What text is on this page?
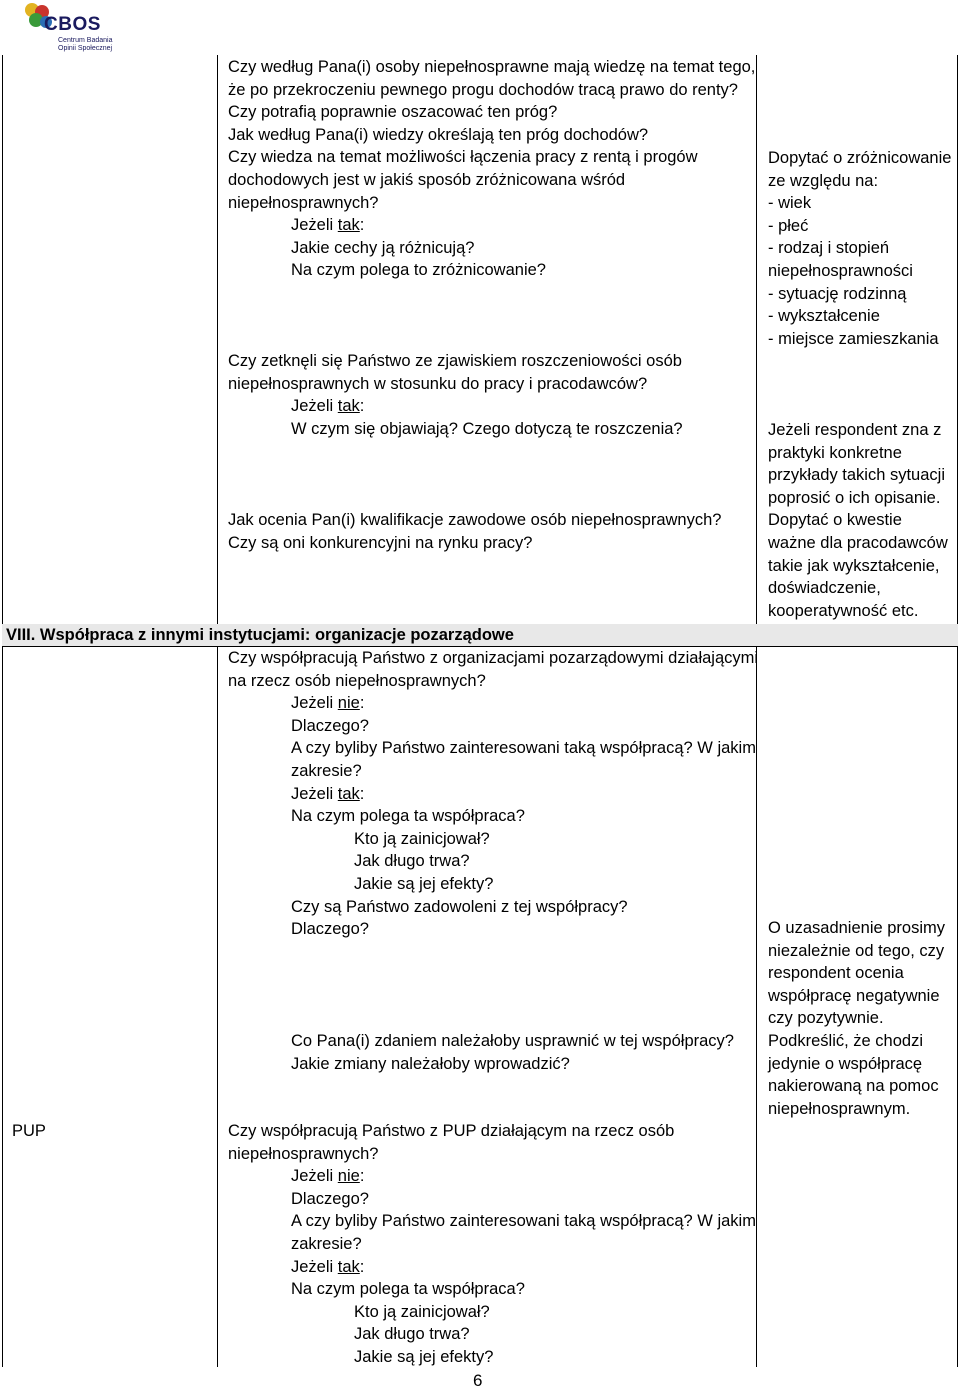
CBOS
Centrum Badania
Opinii Społecznej
VIII. Współpraca z innymi instytucjami: organizacje pozarządowe
PUP
Czy według Pana(i) osoby niepełnosprawne mają wiedzę na temat tego,
że po przekroczeniu pewnego progu dochodów tracą prawo do renty?
Czy potrafią poprawnie oszacować ten próg?
Jak według Pana(i) wiedzy określają ten próg dochodów?
Czy wiedza na temat możliwości łączenia pracy z rentą i progów
dochodowych jest w jakiś sposób zróżnicowana wśród
niepełnosprawnych?
Jeżeli tak:
Jakie cechy ją różnicują?
Na czym polega to zróżnicowanie?
Czy zetknęli się Państwo ze zjawiskiem roszczeniowości osób
niepełnosprawnych w stosunku do pracy i pracodawców?
Jeżeli tak:
W czym się objawiają? Czego dotyczą te roszczenia?
Jak ocenia Pan(i) kwalifikacje zawodowe osób niepełnosprawnych?
Czy są oni konkurencyjni na rynku pracy?
Czy współpracują Państwo z organizacjami pozarządowymi działającymi
na rzecz osób niepełnosprawnych?
Jeżeli nie:
Dlaczego?
A czy byliby Państwo zainteresowani taką współpracą? W jakim
zakresie?
Jeżeli tak:
Na czym polega ta współpraca?
Kto ją zainicjował?
Jak długo trwa?
Jakie są jej efekty?
Czy są Państwo zadowoleni z tej współpracy?
Dlaczego?
Co Pana(i) zdaniem należałoby usprawnić w tej współpracy?
Jakie zmiany należałoby wprowadzić?
Czy współpracują Państwo z PUP działającym na rzecz osób
niepełnosprawnych?
Jeżeli nie:
Dlaczego?
A czy byliby Państwo zainteresowani taką współpracą? W jakim
zakresie?
Jeżeli tak:
Na czym polega ta współpraca?
Kto ją zainicjował?
Jak długo trwa?
Jakie są jej efekty?
Dopytać o zróżnicowanie
ze względu na:
- wiek
- płeć
- rodzaj i stopień
niepełnosprawności
- sytuację rodzinną
- wykształcenie
- miejsce zamieszkania
Jeżeli respondent zna z
praktyki konkretne
przykłady takich sytuacji
poprosić o ich opisanie.
Dopytać o kwestie
ważne dla pracodawców
takie jak wykształcenie,
doświadczenie,
kooperatywność etc.
O uzasadnienie prosimy
niezależnie od tego, czy
respondent ocenia
współpracę negatywnie
czy pozytywnie.
Podkreślić, że chodzi
jedynie o współpracę
nakierowaną na pomoc
niepełnosprawnym.
6
